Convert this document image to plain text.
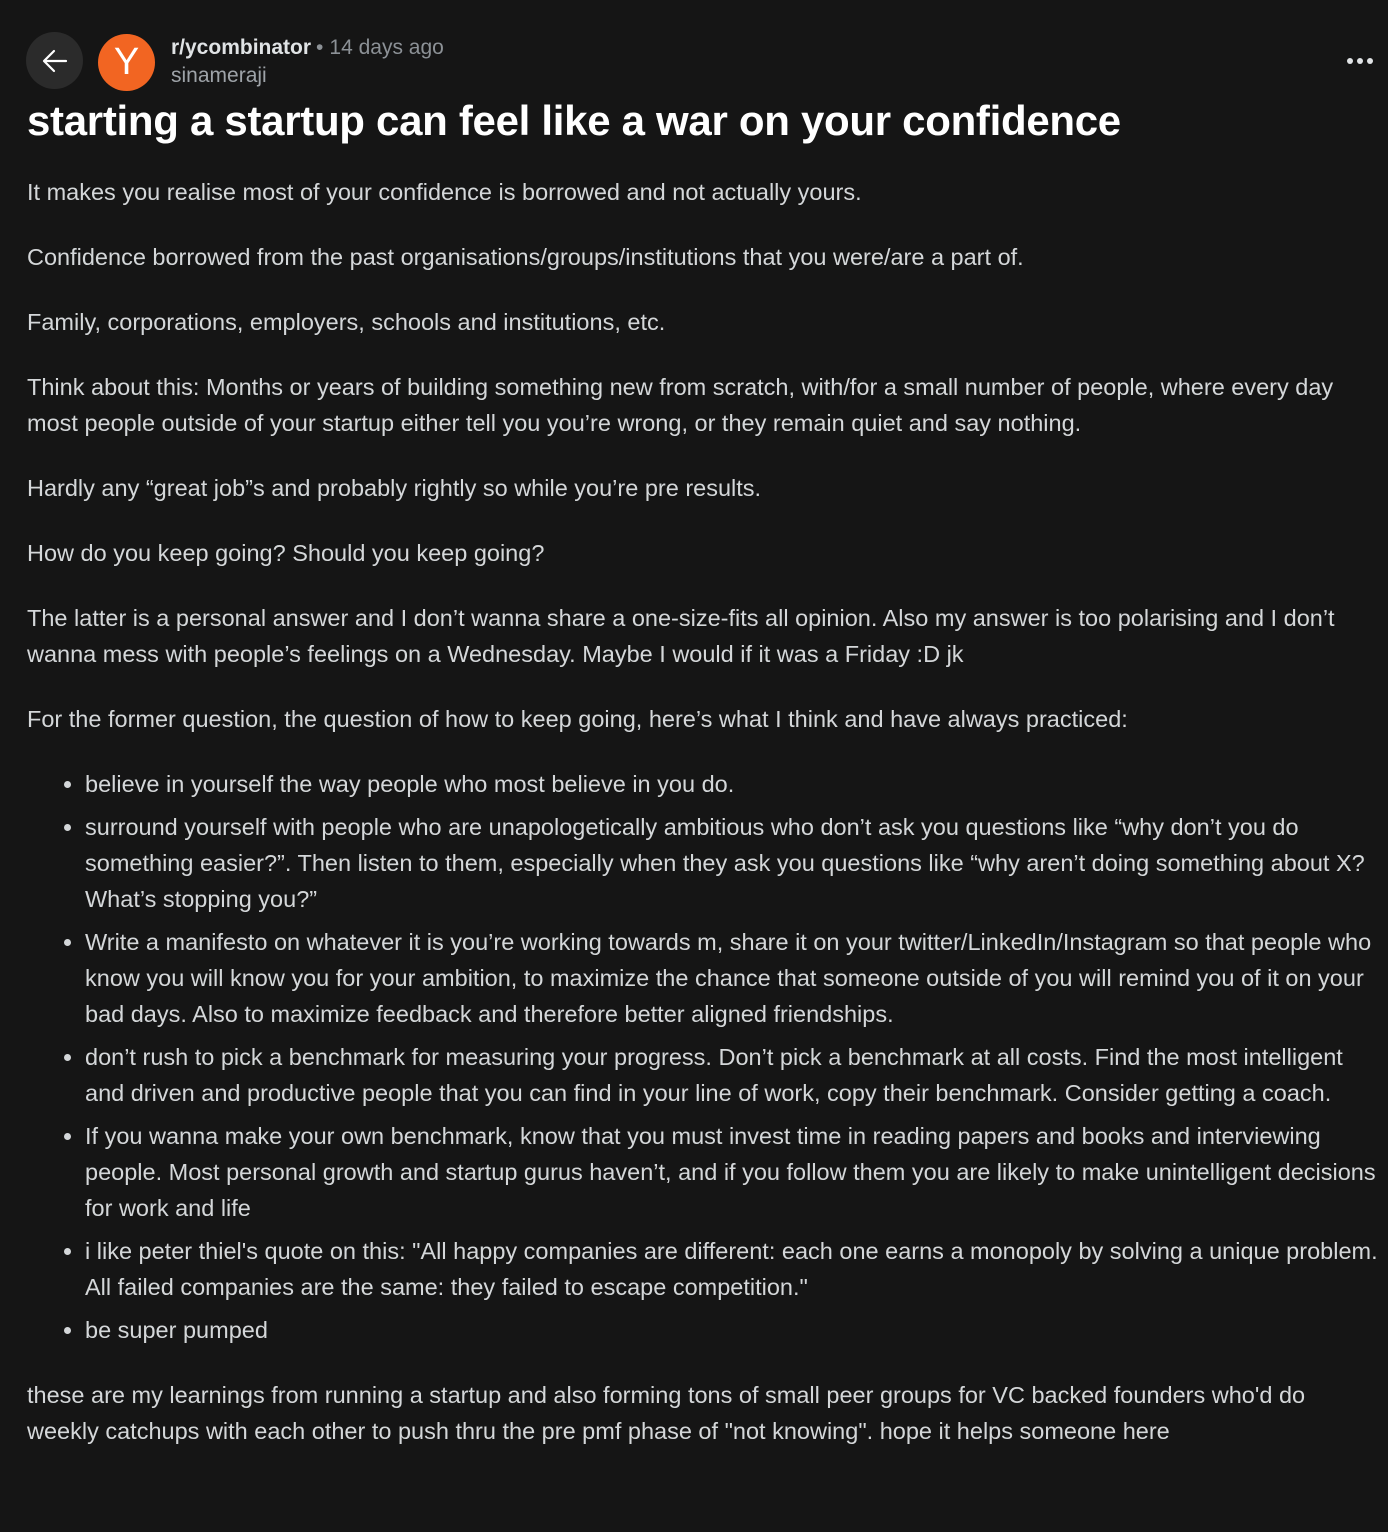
Y r/ycombinator • 14 days ago
sinameraji
starting a startup can feel like a war on your confidence

It makes you realise most of your confidence is borrowed and not actually yours.

Confidence borrowed from the past organisations/groups/institutions that you were/are a part of.

Family, corporations, employers, schools and institutions, etc.

Think about this: Months or years of building something new from scratch, with/for a small number of people, where every day most people outside of your startup either tell you you’re wrong, or they remain quiet and say nothing.

Hardly any “great job”s and probably rightly so while you’re pre results.

How do you keep going? Should you keep going?

The latter is a personal answer and I don’t wanna share a one-size-fits all opinion. Also my answer is too polarising and I don’t wanna mess with people’s feelings on a Wednesday. Maybe I would if it was a Friday :D jk

For the former question, the question of how to keep going, here’s what I think and have always practiced:

• believe in yourself the way people who most believe in you do.
• surround yourself with people who are unapologetically ambitious who don’t ask you questions like “why don’t you do something easier?”. Then listen to them, especially when they ask you questions like “why aren’t doing something about X? What’s stopping you?”
• Write a manifesto on whatever it is you’re working towards m, share it on your twitter/LinkedIn/Instagram so that people who know you will know you for your ambition, to maximize the chance that someone outside of you will remind you of it on your bad days. Also to maximize feedback and therefore better aligned friendships.
• don’t rush to pick a benchmark for measuring your progress. Don’t pick a benchmark at all costs. Find the most intelligent and driven and productive people that you can find in your line of work, copy their benchmark. Consider getting a coach.
• If you wanna make your own benchmark, know that you must invest time in reading papers and books and interviewing people. Most personal growth and startup gurus haven’t, and if you follow them you are likely to make unintelligent decisions for work and life
• i like peter thiel's quote on this: "All happy companies are different: each one earns a monopoly by solving a unique problem. All failed companies are the same: they failed to escape competition."
• be super pumped

these are my learnings from running a startup and also forming tons of small peer groups for VC backed founders who'd do weekly catchups with each other to push thru the pre pmf phase of "not knowing". hope it helps someone here
